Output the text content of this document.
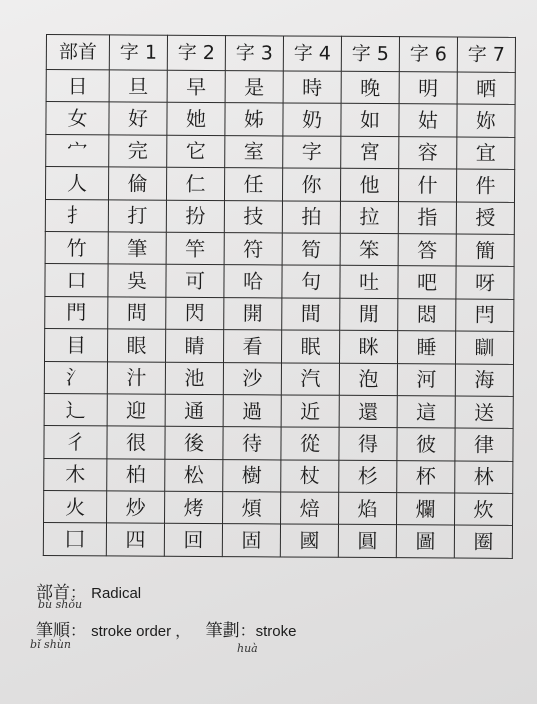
部首	字 1	字 2	字 3	字 4	字 5	字 6	字 7
日	旦	早	是	時	晚	明	晒
女	好	她	姊	奶	如	姑	妳
宀	完	它	室	字	宮	容	宜
人	倫	仁	任	你	他	什	件
扌	打	扮	技	拍	拉	指	授
竹	筆	竿	符	筍	笨	答	簡
口	吳	可	哈	句	吐	吧	呀
門	問	閃	開	間	閒	悶	閂
目	眼	睛	看	眠	眯	睡	瞓
氵	汁	池	沙	汽	泡	河	海
辶	迎	通	過	近	還	這	送
彳	很	後	待	從	得	彼	律
木	柏	松	樹	杖	杉	杯	林
火	炒	烤	煩	焙	焰	爛	炊
囗	四	回	固	國	圓	圖	圈
部首： Radical
bù shǒu
筆順： stroke order ， 筆劃：stroke
bǐ shùn	huà
